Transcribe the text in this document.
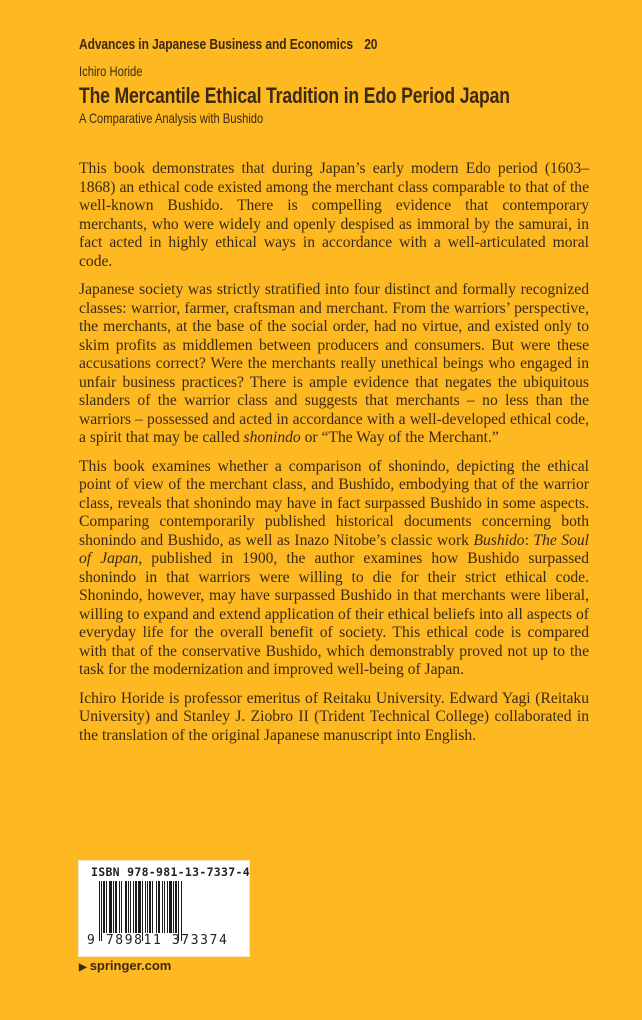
Advances in Japanese Business and Economics 20
Ichiro Horide
The Mercantile Ethical Tradition in Edo Period Japan
A Comparative Analysis with Bushido

This book demonstrates that during Japan’s early modern Edo period (1603–1868) an ethical code existed among the merchant class comparable to that of the well-known Bushido. There is compelling evidence that contemporary merchants, who were widely and openly despised as immoral by the samurai, in fact acted in highly ethical ways in accordance with a well-articulated moral code.

Japanese society was strictly stratified into four distinct and formally recognized classes: warrior, farmer, craftsman and merchant. From the warriors’ perspective, the merchants, at the base of the social order, had no virtue, and existed only to skim profits as middlemen between producers and consumers. But were these accusations correct? Were the merchants really unethical beings who engaged in unfair business practices? There is ample evidence that negates the ubiquitous slanders of the warrior class and suggests that merchants – no less than the warriors – possessed and acted in accordance with a well-developed ethical code, a spirit that may be called shonindo or “The Way of the Merchant.”

This book examines whether a comparison of shonindo, depicting the ethical point of view of the merchant class, and Bushido, embodying that of the warrior class, reveals that shonindo may have in fact surpassed Bushido in some aspects. Comparing contemporarily published historical documents concerning both shonindo and Bushido, as well as Inazo Nitobe’s classic work Bushido: The Soul of Japan, published in 1900, the author examines how Bushido surpassed shonindo in that warriors were willing to die for their strict ethical code. Shonindo, however, may have surpassed Bushido in that merchants were liberal, willing to expand and extend application of their ethical beliefs into all aspects of everyday life for the overall benefit of society. This ethical code is compared with that of the conservative Bushido, which demonstrably proved not up to the task for the modernization and improved well-being of Japan.

Ichiro Horide is professor emeritus of Reitaku University. Edward Yagi (Reitaku University) and Stanley J. Ziobro II (Trident Technical College) collaborated in the translation of the original Japanese manuscript into English.

ISBN 978-981-13-7337-4
9 789811 373374
▶ springer.com
